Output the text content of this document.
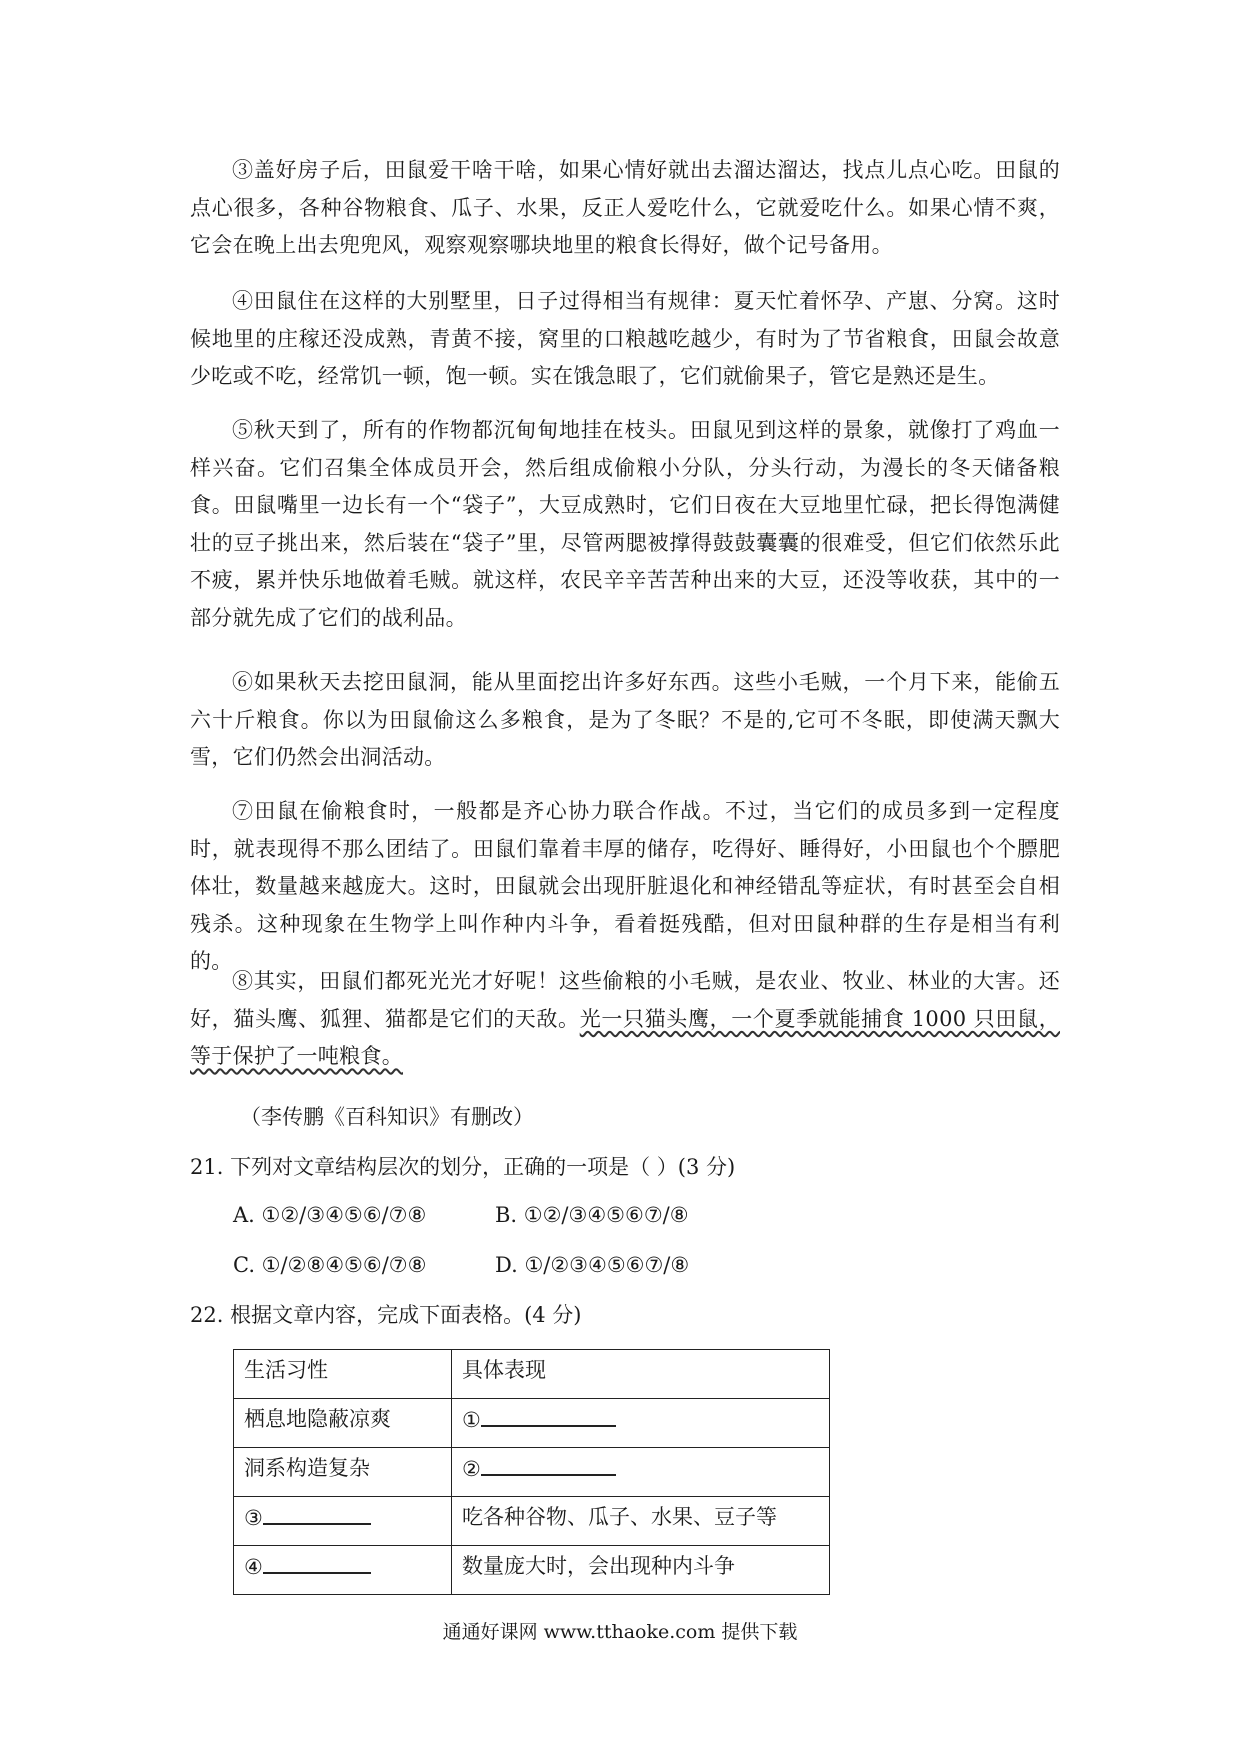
③盖好房子后，田鼠爱干啥干啥，如果心情好就出去溜达溜达，找点儿点心吃。田鼠的点心很多，各种谷物粮食、瓜子、水果，反正人爱吃什么，它就爱吃什么。如果心情不爽，它会在晚上出去兜兜风，观察观察哪块地里的粮食长得好，做个记号备用。

④田鼠住在这样的大别墅里，日子过得相当有规律：夏天忙着怀孕、产崽、分窝。这时候地里的庄稼还没成熟，青黄不接，窝里的口粮越吃越少，有时为了节省粮食，田鼠会故意少吃或不吃，经常饥一顿，饱一顿。实在饿急眼了，它们就偷果子，管它是熟还是生。

⑤秋天到了，所有的作物都沉甸甸地挂在枝头。田鼠见到这样的景象，就像打了鸡血一样兴奋。它们召集全体成员开会，然后组成偷粮小分队，分头行动，为漫长的冬天储备粮食。田鼠嘴里一边长有一个“袋子”，大豆成熟时，它们日夜在大豆地里忙碌，把长得饱满健壮的豆子挑出来，然后装在“袋子”里，尽管两腮被撑得鼓鼓囊囊的很难受，但它们依然乐此不疲，累并快乐地做着毛贼。就这样，农民辛辛苦苦种出来的大豆，还没等收获，其中的一部分就先成了它们的战利品。

⑥如果秋天去挖田鼠洞，能从里面挖出许多好东西。这些小毛贼，一个月下来，能偷五六十斤粮食。你以为田鼠偷这么多粮食，是为了冬眠？不是的,它可不冬眠，即使满天飘大雪，它们仍然会出洞活动。

⑦田鼠在偷粮食时，一般都是齐心协力联合作战。不过，当它们的成员多到一定程度时，就表现得不那么团结了。田鼠们靠着丰厚的储存，吃得好、睡得好，小田鼠也个个膘肥体壮，数量越来越庞大。这时，田鼠就会出现肝脏退化和神经错乱等症状，有时甚至会自相残杀。这种现象在生物学上叫作种内斗争，看着挺残酷，但对田鼠种群的生存是相当有利的。

⑧其实，田鼠们都死光光才好呢！这些偷粮的小毛贼，是农业、牧业、林业的大害。还好，猫头鹰、狐狸、猫都是它们的天敌。光一只猫头鹰，一个夏季就能捕食 1000 只田鼠，等于保护了一吨粮食。

（李传鹏《百科知识》有删改）

21. 下列对文章结构层次的划分，正确的一项是（ ）(3 分)

A. ①②/③④⑤⑥/⑦⑧	B. ①②/③④⑤⑥⑦/⑧

C. ①/②⑧④⑤⑥/⑦⑧	D. ①/②③④⑤⑥⑦/⑧

22. 根据文章内容，完成下面表格。(4 分)

生活习性	具体表现
栖息地隐蔽凉爽	①
洞系构造复杂	②
③	吃各种谷物、瓜子、水果、豆子等
④	数量庞大时，会出现种内斗争
通通好课网 www.tthaoke.com 提供下载
